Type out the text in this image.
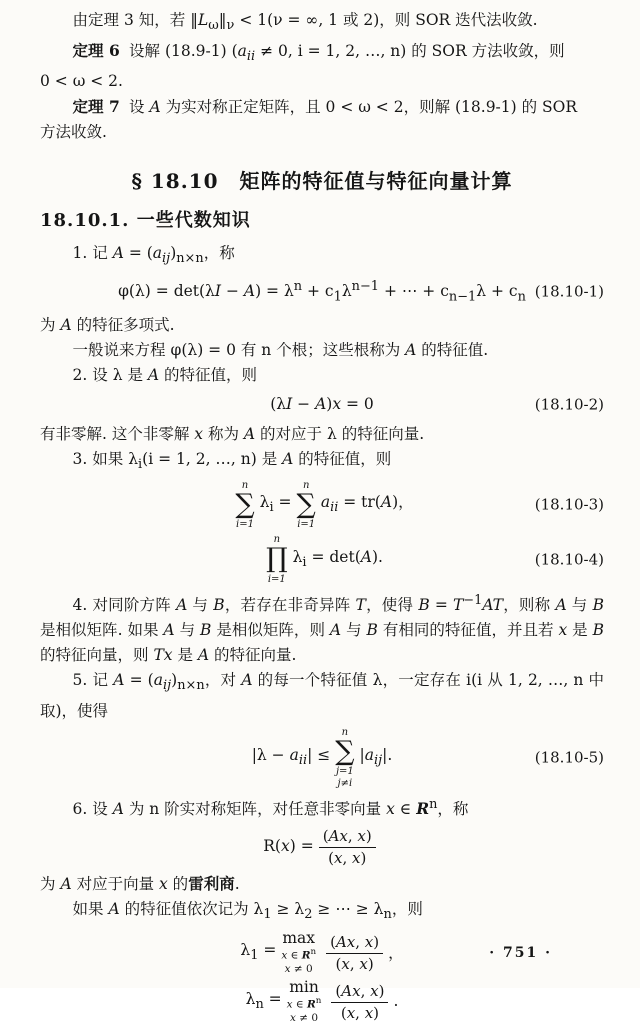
由定理 3 知，若 $‖L_\omega‖_\nu < 1(\nu$ = ∞, 1 或 2)，则 SOR 迭代法收敛.

定理 6 设解 (18.9-1) ($a_{ii} \ne 0$, i = 1, 2, …, n) 的 SOR 方法收敛，则

0 < ω < 2.

定理 7 设 A 为实对称正定矩阵，且 0 < ω < 2，则解 (18.9-1) 的 SOR

方法收敛.

§ 18.10　矩阵的特征值与特征向量计算
18.10.1. 一些代数知识

1. 记 $A = (a_{ij})_{n\times n}$，称

$\varphi(\lambda) = \det(\lambda I - A) = \lambda^n + c_1\lambda^{n-1}$ + ⋯ + $c_{n-1}\lambda + c_n$ (18.10-1)

为 A 的特征多项式.

一般说来方程 φ(λ) = 0 有 n 个根；这些根称为 A 的特征值.

2. 设 λ 是 A 的特征值，则

(λI − A)x = 0	(18.10-2)

有非零解. 这个非零解 x 称为 A 的对应于 λ 的特征向量.

3. 如果 $\lambda_i(i = 1$, 2, …, n) 是 A 的特征值，则

n
∑
i=1
$\lambda_i$ =
n
∑
i=1
$a_{ii} = tr(A)$，	(18.10-3)
n
∏
i=1
$\lambda_i = \det(A)$.	(18.10-4)

4. 对同阶方阵 A 与 B，若存在非奇异阵 T，使得 $B = T^{-1}AT$，则称 A 与 B 是相似矩阵. 如果 A 与 B 是相似矩阵，则 A 与 B 有相同的特征值，并且若 x 是 B 的特征向量，则 Tx 是 A 的特征向量.

5. 记 $A = (a_{ij})_{n\times n}$，对 A 的每一个特征值 λ，一定存在 i(i 从 1, 2, …, n 中取)，使得

$|\lambda - a_{ii}|$ ≤
n
∑
j=1
j≠i
$|a_{ij}|$.	(18.10-5)

6. 设 A 为 n 阶实对称矩阵，对任意非零向量 x ∈ $R^n$，称

$R(x) = \frac{(Ax, x)}{(x, x)}$

为 A 对应于向量 x 的雷利商.

如果 A 的特征值依次记为 $\lambda_1 \ge \lambda_2$ ≥ ⋯ ≥ $\lambda_n$，则

$\lambda_1$ =
max
x ∈ $R^n$
$x \ne 0 \frac{(Ax, x)}{(x, x)}$ ，
$\lambda_n$ =
min
x ∈ $R^n$
$x \ne 0 \frac{(Ax, x)}{(x, x)}$ .
· 751 ·
